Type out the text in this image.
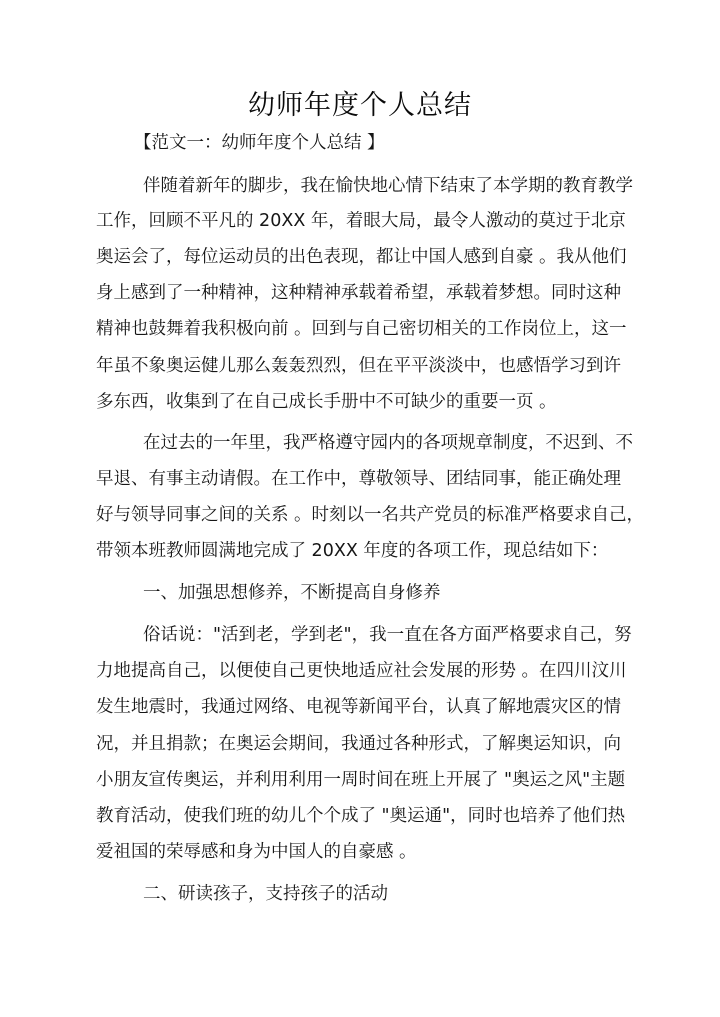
幼师年度个人总结
【范文一：幼师年度个人总结 】
伴随着新年的脚步，我在愉快地心情下结束了本学期的教育教学
工作，回顾不平凡的 20XX 年，着眼大局，最令人激动的莫过于北京
奥运会了，每位运动员的出色表现，都让中国人感到自豪 。我从他们
身上感到了一种精神，这种精神承载着希望，承载着梦想。同时这种
精神也鼓舞着我积极向前 。回到与自己密切相关的工作岗位上，这一
年虽不象奥运健儿那么轰轰烈烈，但在平平淡淡中，也感悟学习到许
多东西，收集到了在自己成长手册中不可缺少的重要一页 。
在过去的一年里，我严格遵守园内的各项规章制度，不迟到、不
早退、有事主动请假。在工作中，尊敬领导、团结同事，能正确处理
好与领导同事之间的关系 。时刻以一名共产党员的标准严格要求自己，
带领本班教师圆满地完成了 20XX 年度的各项工作，现总结如下：
一、加强思想修养，不断提高自身修养
俗话说："活到老，学到老"，我一直在各方面严格要求自己，努
力地提高自己，以便使自己更快地适应社会发展的形势 。在四川汶川
发生地震时，我通过网络、电视等新闻平台，认真了解地震灾区的情
况，并且捐款；在奥运会期间，我通过各种形式，了解奥运知识，向
小朋友宣传奥运，并利用利用一周时间在班上开展了 "奥运之风"主题
教育活动，使我们班的幼儿个个成了 "奥运通"，同时也培养了他们热
爱祖国的荣辱感和身为中国人的自豪感 。
二、研读孩子，支持孩子的活动
